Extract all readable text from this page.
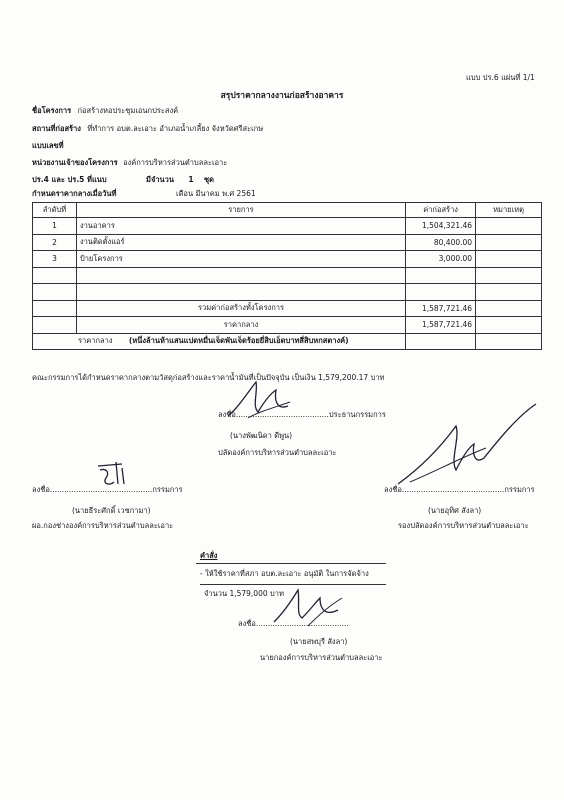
แบบ ปร.6 แผ่นที่ 1/1
สรุปราคากลางงานก่อสร้างอาคาร
ชื่อโครงการ ก่อสร้างหอประชุมเอนกประสงค์
สถานที่ก่อสร้าง ที่ทำการ อบต.ละเอาะ อำเภอน้ำเกลี้ยง จังหวัดศรีสะเกษ
แบบเลขที่
หน่วยงานเจ้าของโครงการ องค์การบริหารส่วนตำบลละเอาะ
ปร.4 และ ปร.5 ที่แนบ	มีจำนวน 1 ชุด
กำหนดราคากลางเมื่อวันที่	เดือน มีนาคม พ.ศ 2561
ลำดับที่	รายการ	ค่าก่อสร้าง	หมายเหตุ
1	งานอาคาร	1,504,321.46	
2	งานติดตั้งแอร์	80,400.00	
3	ป้ายโครงการ	3,000.00	

	รวมค่าก่อสร้างทั้งโครงการ	1,587,721.46	
	ราคากลาง	1,587,721.46	
ราคากลาง (หนึ่งล้านห้าแสนแปดหมื่นเจ็ดพันเจ็ดร้อยยี่สิบเอ็ดบาทสี่สิบหกสตางค์)			
คณะกรรมการได้กำหนดราคากลางตามวัสดุก่อสร้างและราคาน้ำมันที่เป็นปัจจุบัน เป็นเงิน 1,579,200.17 บาท
ลงชื่อ.......................................ประธานกรรมการ
(นางพัฒนิดา ดีพูน)
ปลัดองค์การบริหารส่วนตำบลละเอาะ
ลงชื่อ...........................................กรรมการ
(นายธีระศักดิ์ เวชกามา)
ผอ.กองช่างองค์การบริหารส่วนตำบลละเอาะ
ลงชื่อ...........................................กรรมการ
(นายอุทิศ สังลา)
รองปลัดองค์การบริหารส่วนตำบลละเอาะ
คำสั่ง
- ให้ใช้ราคาที่สภา อบต.ละเอาะ อนุมัติ ในการจัดจ้าง
จำนวน 1,579,000 บาท
ลงชื่อ.......................................
(นายสพบุรี สังลา)
นายกองค์การบริหารส่วนตำบลละเอาะ
